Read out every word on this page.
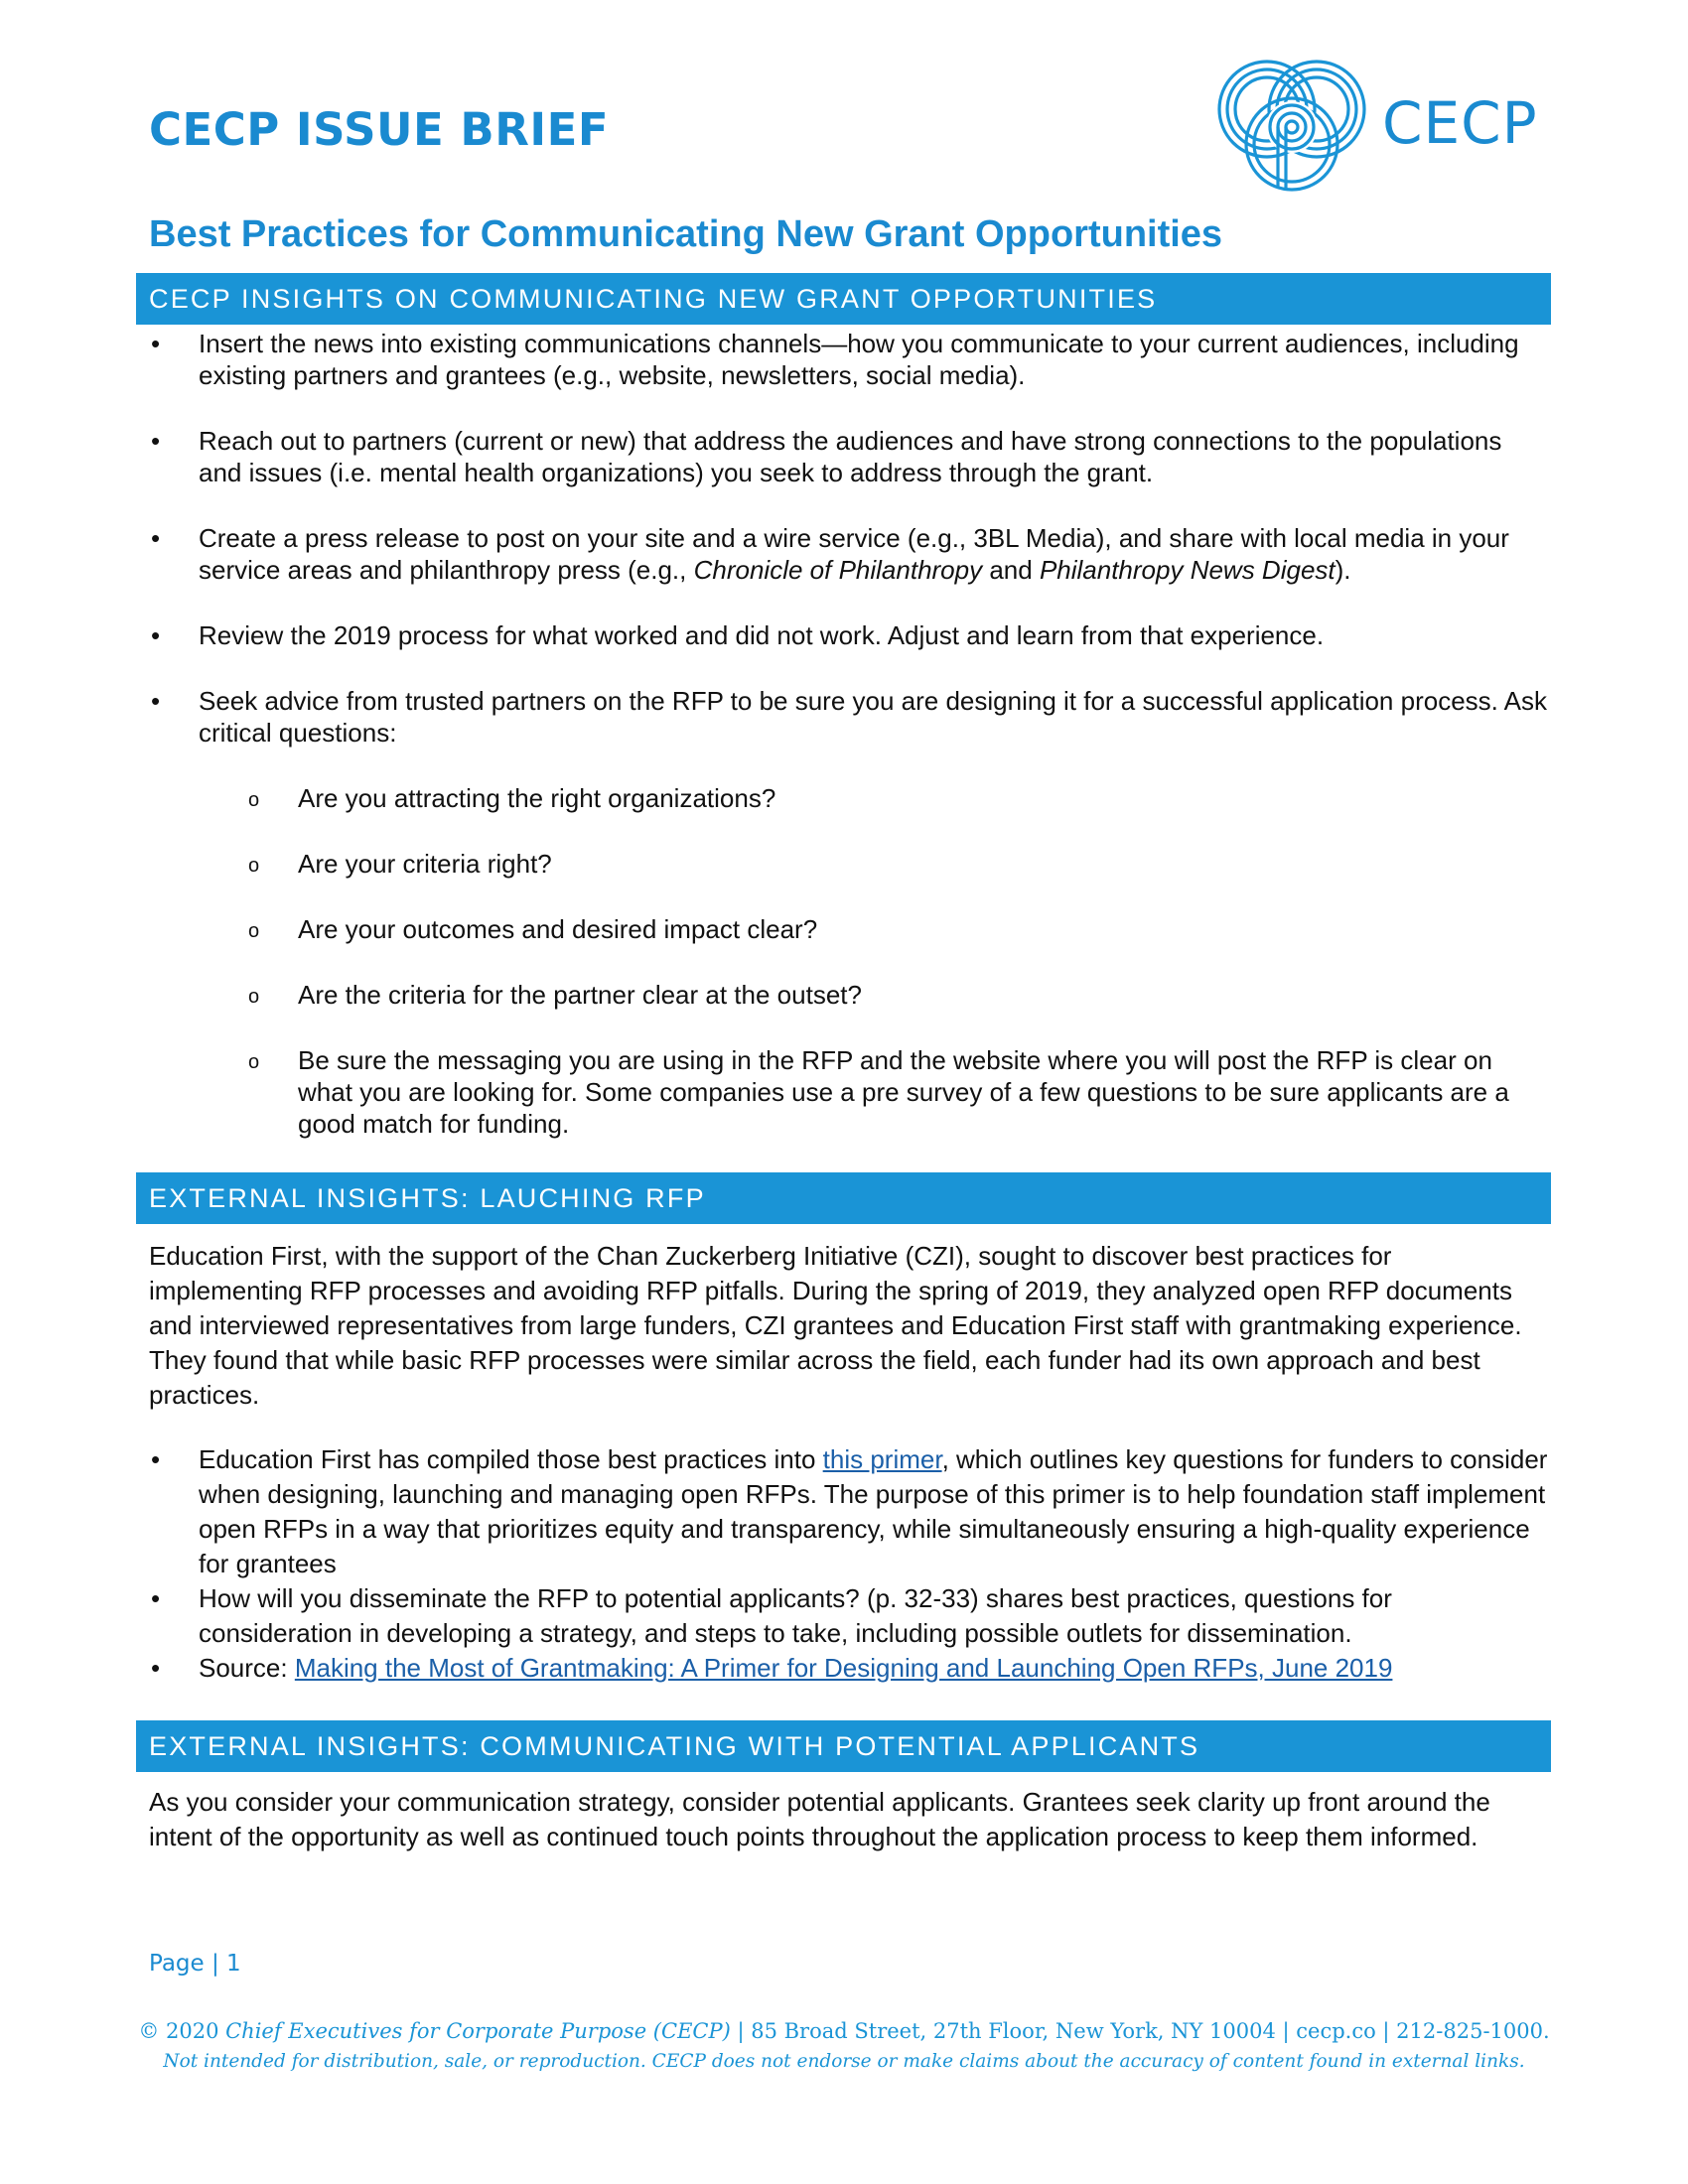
CECP ISSUE BRIEF	CECP
Best Practices for Communicating New Grant Opportunities
CECP INSIGHTS ON COMMUNICATING NEW GRANT OPPORTUNITIES
• Insert the news into existing communications channels—how you communicate to your current audiences, including existing partners and grantees (e.g., website, newsletters, social media).
• Reach out to partners (current or new) that address the audiences and have strong connections to the populations and issues (i.e. mental health organizations) you seek to address through the grant.
• Create a press release to post on your site and a wire service (e.g., 3BL Media), and share with local media in your service areas and philanthropy press (e.g., Chronicle of Philanthropy and Philanthropy News Digest).
• Review the 2019 process for what worked and did not work. Adjust and learn from that experience.
• Seek advice from trusted partners on the RFP to be sure you are designing it for a successful application process. Ask critical questions:
o Are you attracting the right organizations?
o Are your criteria right?
o Are your outcomes and desired impact clear?
o Are the criteria for the partner clear at the outset?
o Be sure the messaging you are using in the RFP and the website where you will post the RFP is clear on what you are looking for. Some companies use a pre survey of a few questions to be sure applicants are a good match for funding.
EXTERNAL INSIGHTS: LAUCHING RFP

Education First, with the support of the Chan Zuckerberg Initiative (CZI), sought to discover best practices for implementing RFP processes and avoiding RFP pitfalls. During the spring of 2019, they analyzed open RFP documents and interviewed representatives from large funders, CZI grantees and Education First staff with grantmaking experience. They found that while basic RFP processes were similar across the field, each funder had its own approach and best practices.

• Education First has compiled those best practices into this primer, which outlines key questions for funders to consider when designing, launching and managing open RFPs. The purpose of this primer is to help foundation staff implement open RFPs in a way that prioritizes equity and transparency, while simultaneously ensuring a high-quality experience for grantees
• How will you disseminate the RFP to potential applicants? (p. 32-33) shares best practices, questions for consideration in developing a strategy, and steps to take, including possible outlets for dissemination.
• Source: Making the Most of Grantmaking: A Primer for Designing and Launching Open RFPs, June 2019
EXTERNAL INSIGHTS: COMMUNICATING WITH POTENTIAL APPLICANTS

As you consider your communication strategy, consider potential applicants. Grantees seek clarity up front around the intent of the opportunity as well as continued touch points throughout the application process to keep them informed.

Page | 1
© 2020 Chief Executives for Corporate Purpose (CECP) | 85 Broad Street, 27th Floor, New York, NY 10004 | cecp.co | 212-825-1000.
Not intended for distribution, sale, or reproduction. CECP does not endorse or make claims about the accuracy of content found in external links.
